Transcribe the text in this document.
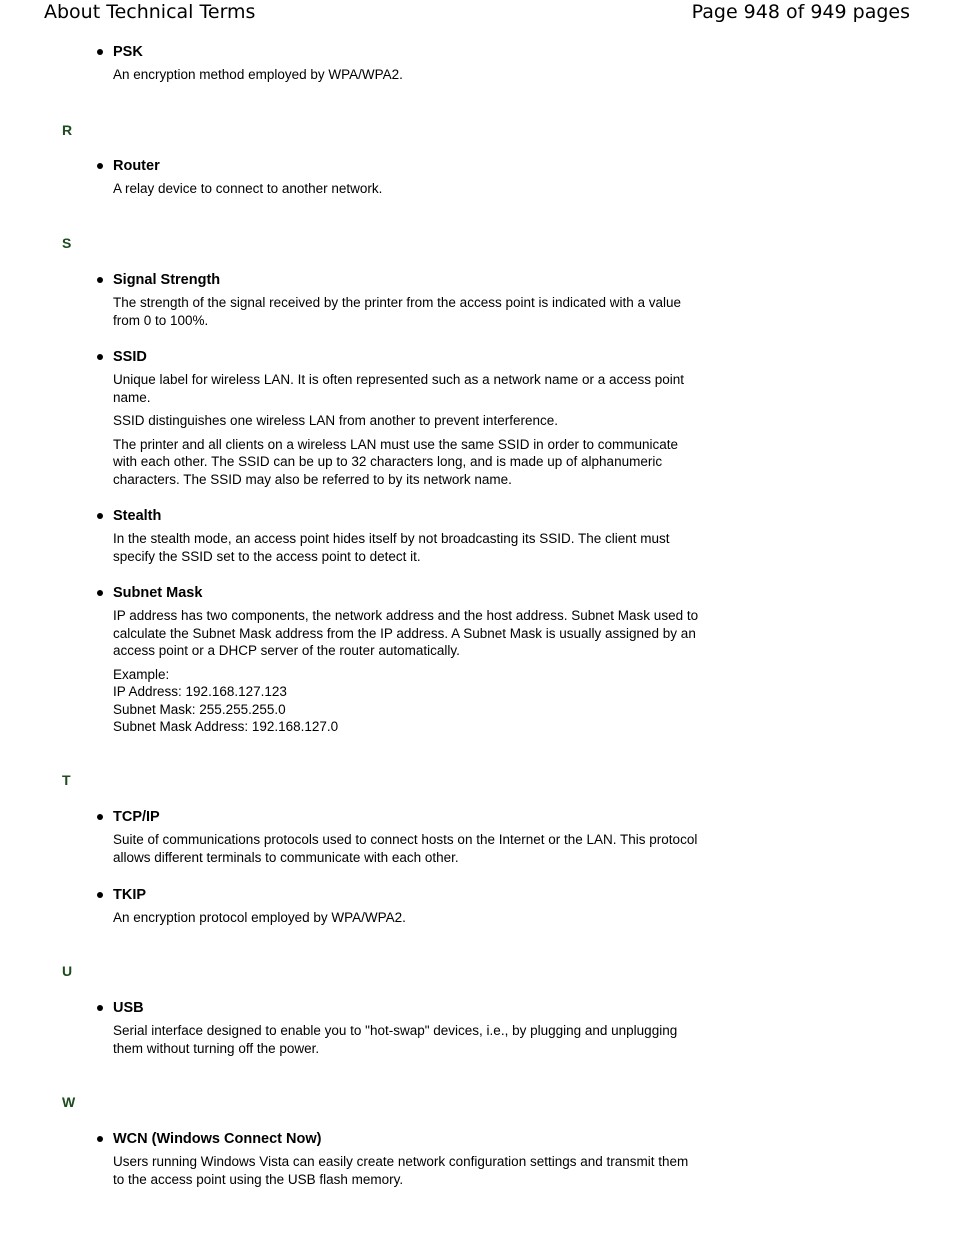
About Technical Terms	Page 948 of 949 pages
PSK
An encryption method employed by WPA/WPA2.
R
Router
A relay device to connect to another network.
S
Signal Strength
The strength of the signal received by the printer from the access point is indicated with a value from 0 to 100%.
SSID
Unique label for wireless LAN. It is often represented such as a network name or a access point name.
SSID distinguishes one wireless LAN from another to prevent interference.
The printer and all clients on a wireless LAN must use the same SSID in order to communicate with each other. The SSID can be up to 32 characters long, and is made up of alphanumeric characters. The SSID may also be referred to by its network name.
Stealth
In the stealth mode, an access point hides itself by not broadcasting its SSID. The client must specify the SSID set to the access point to detect it.
Subnet Mask
IP address has two components, the network address and the host address. Subnet Mask used to calculate the Subnet Mask address from the IP address. A Subnet Mask is usually assigned by an access point or a DHCP server of the router automatically.
Example:
IP Address: 192.168.127.123
Subnet Mask: 255.255.255.0
Subnet Mask Address: 192.168.127.0
T
TCP/IP
Suite of communications protocols used to connect hosts on the Internet or the LAN. This protocol allows different terminals to communicate with each other.
TKIP
An encryption protocol employed by WPA/WPA2.
U
USB
Serial interface designed to enable you to "hot-swap" devices, i.e., by plugging and unplugging them without turning off the power.
W
WCN (Windows Connect Now)
Users running Windows Vista can easily create network configuration settings and transmit them to the access point using the USB flash memory.
